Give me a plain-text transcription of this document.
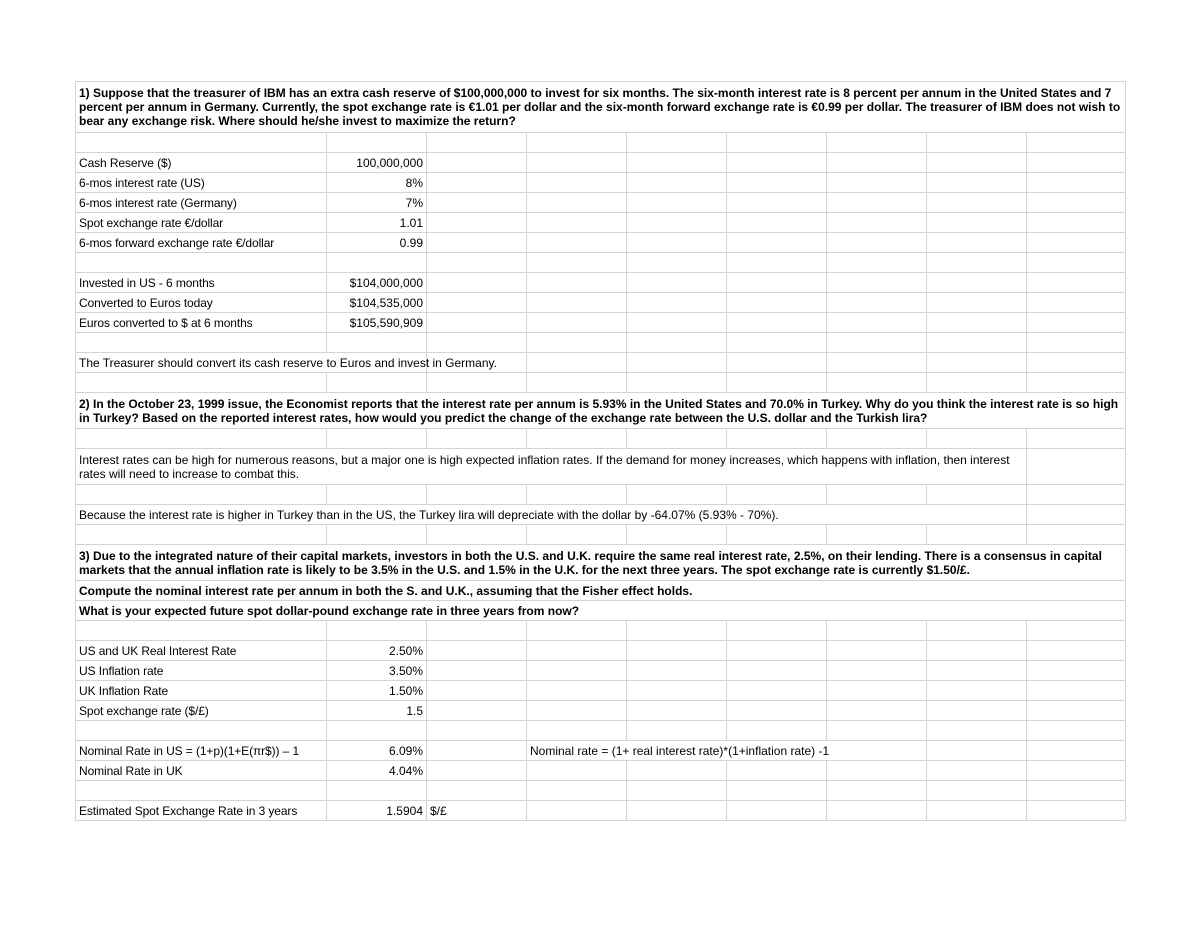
1) Suppose that the treasurer of IBM has an extra cash reserve of $100,000,000 to invest for six months. The six-month interest rate is 8 percent per annum in the United States and 7 percent per annum in Germany. Currently, the spot exchange rate is €1.01 per dollar and the six-month forward exchange rate is €0.99 per dollar. The treasurer of IBM does not wish to bear any exchange risk. Where should he/she invest to maximize the return?								

Cash Reserve ($)	100,000,000							
6-mos interest rate (US)	8%							
6-mos interest rate (Germany)	7%							
Spot exchange rate €/dollar	1.01							
6-mos forward exchange rate €/dollar	0.99							

Invested in US - 6 months	$104,000,000							
Converted to Euros today	$104,535,000							
Euros converted to $ at 6 months	$105,590,909							

The Treasurer should convert its cash reserve to Euros and invest in Germany.								

2) In the October 23, 1999 issue, the Economist reports that the interest rate per annum is 5.93% in the United States and 70.0% in Turkey. Why do you think the interest rate is so high in Turkey? Based on the reported interest rates, how would you predict the change of the exchange rate between the U.S. dollar and the Turkish lira?								

Interest rates can be high for numerous reasons, but a major one is high expected inflation rates. If the demand for money increases, which happens with inflation, then interest rates will need to increase to combat this.								

Because the interest rate is higher in Turkey than in the US, the Turkey lira will depreciate with the dollar by -64.07% (5.93% - 70%).								

3) Due to the integrated nature of their capital markets, investors in both the U.S. and U.K. require the same real interest rate, 2.5%, on their lending. There is a consensus in capital markets that the annual inflation rate is likely to be 3.5% in the U.S. and 1.5% in the U.K. for the next three years. The spot exchange rate is currently $1.50/£.								
Compute the nominal interest rate per annum in both the S. and U.K., assuming that the Fisher effect holds.								
What is your expected future spot dollar-pound exchange rate in three years from now?								

US and UK Real Interest Rate	2.50%							
US Inflation rate	3.50%							
UK Inflation Rate	1.50%							
Spot exchange rate ($/£)	1.5							

Nominal Rate in US = (1+p)(1+E(πr$)) – 1	6.09%		Nominal rate = (1+ real interest rate)*(1+inflation rate) -1					
Nominal Rate in UK	4.04%							

Estimated Spot Exchange Rate in 3 years	1.5904	$/£						
